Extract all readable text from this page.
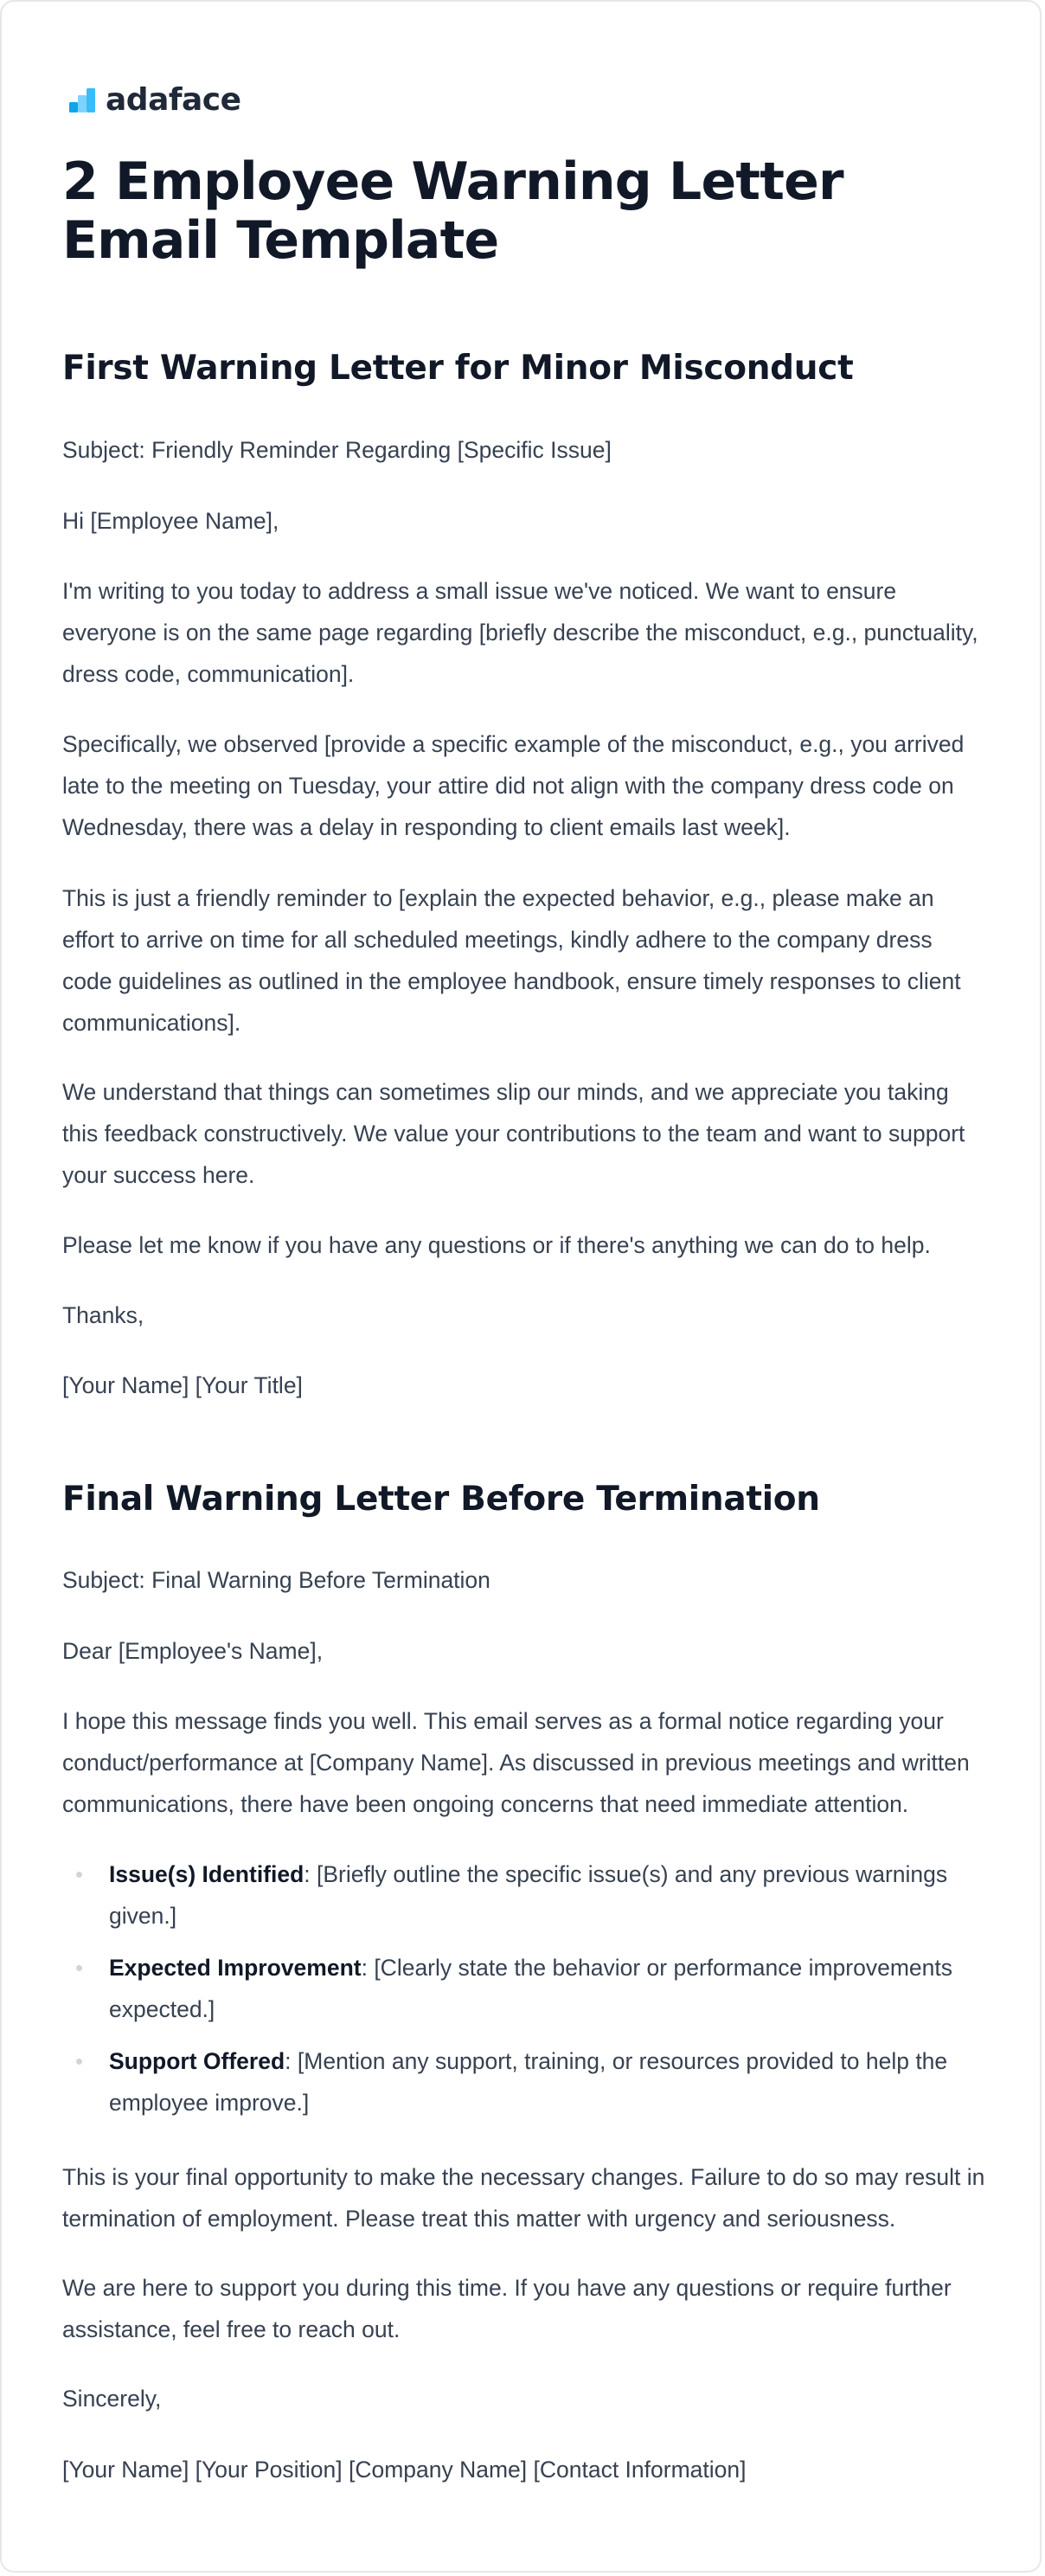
adaface
2 Employee Warning Letter Email Template
First Warning Letter for Minor Misconduct

Subject: Friendly Reminder Regarding [Specific Issue]

Hi [Employee Name],

I'm writing to you today to address a small issue we've noticed. We want to ensure everyone is on the same page regarding [briefly describe the misconduct, e.g., punctuality, dress code, communication].

Specifically, we observed [provide a specific example of the misconduct, e.g., you arrived late to the meeting on Tuesday, your attire did not align with the company dress code on Wednesday, there was a delay in responding to client emails last week].

This is just a friendly reminder to [explain the expected behavior, e.g., please make an effort to arrive on time for all scheduled meetings, kindly adhere to the company dress code guidelines as outlined in the employee handbook, ensure timely responses to client communications].

We understand that things can sometimes slip our minds, and we appreciate you taking this feedback constructively. We value your contributions to the team and want to support your success here.

Please let me know if you have any questions or if there's anything we can do to help.

Thanks,

[Your Name] [Your Title]

Final Warning Letter Before Termination

Subject: Final Warning Before Termination

Dear [Employee's Name],

I hope this message finds you well. This email serves as a formal notice regarding your conduct/performance at [Company Name]. As discussed in previous meetings and written communications, there have been ongoing concerns that need immediate attention.

Issue(s) Identified: [Briefly outline the specific issue(s) and any previous warnings given.]
Expected Improvement: [Clearly state the behavior or performance improvements expected.]
Support Offered: [Mention any support, training, or resources provided to help the employee improve.]

This is your final opportunity to make the necessary changes. Failure to do so may result in termination of employment. Please treat this matter with urgency and seriousness.

We are here to support you during this time. If you have any questions or require further assistance, feel free to reach out.

Sincerely,

[Your Name] [Your Position] [Company Name] [Contact Information]
